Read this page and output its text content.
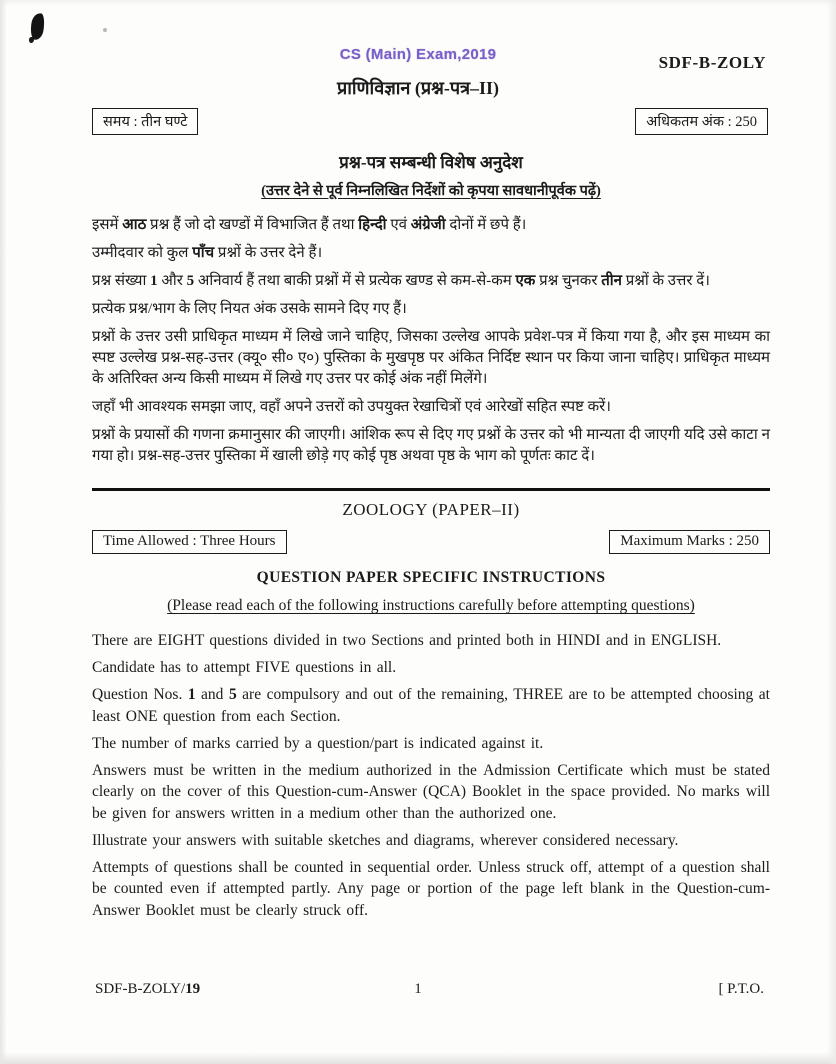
CS (Main) Exam,2019	SDF-B-ZOLY
प्राणिविज्ञान (प्रश्न-पत्र–II)
समय : तीन घण्टे	अधिकतम अंक : 250
प्रश्न-पत्र सम्बन्धी विशेष अनुदेश
(उत्तर देने से पूर्व निम्नलिखित निर्देशों को कृपया सावधानीपूर्वक पढ़ें)

इसमें आठ प्रश्न हैं जो दो खण्डों में विभाजित हैं तथा हिन्दी एवं अंग्रेजी दोनों में छपे हैं।

उम्मीदवार को कुल पाँच प्रश्नों के उत्तर देने हैं।

प्रश्न संख्या 1 और 5 अनिवार्य हैं तथा बाकी प्रश्नों में से प्रत्येक खण्ड से कम-से-कम एक प्रश्न चुनकर तीन प्रश्नों के उत्तर दें।

प्रत्येक प्रश्न/भाग के लिए नियत अंक उसके सामने दिए गए हैं।

प्रश्नों के उत्तर उसी प्राधिकृत माध्यम में लिखे जाने चाहिए, जिसका उल्लेख आपके प्रवेश-पत्र में किया गया है, और इस माध्यम का स्पष्ट उल्लेख प्रश्न-सह-उत्तर (क्यू० सी० ए०) पुस्तिका के मुखपृष्ठ पर अंकित निर्दिष्ट स्थान पर किया जाना चाहिए। प्राधिकृत माध्यम के अतिरिक्त अन्य किसी माध्यम में लिखे गए उत्तर पर कोई अंक नहीं मिलेंगे।

जहाँ भी आवश्यक समझा जाए, वहाँ अपने उत्तरों को उपयुक्त रेखाचित्रों एवं आरेखों सहित स्पष्ट करें।

प्रश्नों के प्रयासों की गणना क्रमानुसार की जाएगी। आंशिक रूप से दिए गए प्रश्नों के उत्तर को भी मान्यता दी जाएगी यदि उसे काटा न गया हो। प्रश्न-सह-उत्तर पुस्तिका में खाली छोड़े गए कोई पृष्ठ अथवा पृष्ठ के भाग को पूर्णतः काट दें।

ZOOLOGY (PAPER–II)
Time Allowed : Three Hours	Maximum Marks : 250
QUESTION PAPER SPECIFIC INSTRUCTIONS
(Please read each of the following instructions carefully before attempting questions)

There are EIGHT questions divided in two Sections and printed both in HINDI and in ENGLISH.

Candidate has to attempt FIVE questions in all.

Question Nos. 1 and 5 are compulsory and out of the remaining, THREE are to be attempted choosing at least ONE question from each Section.

The number of marks carried by a question/part is indicated against it.

Answers must be written in the medium authorized in the Admission Certificate which must be stated clearly on the cover of this Question-cum-Answer (QCA) Booklet in the space provided. No marks will be given for answers written in a medium other than the authorized one.

Illustrate your answers with suitable sketches and diagrams, wherever considered necessary.

Attempts of questions shall be counted in sequential order. Unless struck off, attempt of a question shall be counted even if attempted partly. Any page or portion of the page left blank in the Question-cum-Answer Booklet must be clearly struck off.

SDF-B-ZOLY/19	1	[ P.T.O.
